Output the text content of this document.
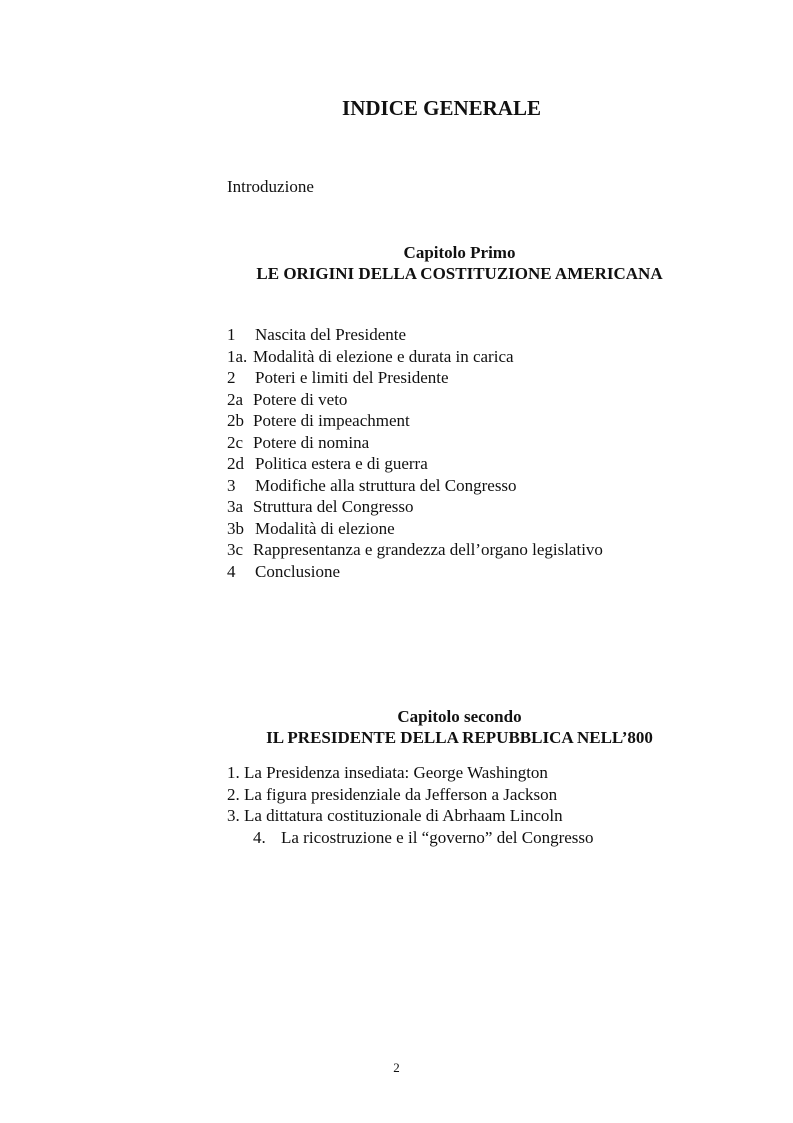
INDICE GENERALE
Introduzione
Capitolo Primo
LE ORIGINI DELLA COSTITUZIONE AMERICANA
1 Nascita del Presidente
1a. Modalità di elezione e durata in carica
2 Poteri e limiti del Presidente
2a Potere di veto
2b Potere di impeachment
2c Potere di nomina
2d Politica estera e di guerra
3 Modifiche alla struttura del Congresso
3a Struttura del Congresso
3b Modalità di elezione
3c Rappresentanza e grandezza dell’organo legislativo
4 Conclusione
Capitolo secondo
IL PRESIDENTE DELLA REPUBBLICA NELL’800
1. La Presidenza insediata: George Washington
2. La figura presidenziale da Jefferson a Jackson
3. La dittatura costituzionale di Abrhaam Lincoln
4. La ricostruzione e il “governo” del Congresso
2
